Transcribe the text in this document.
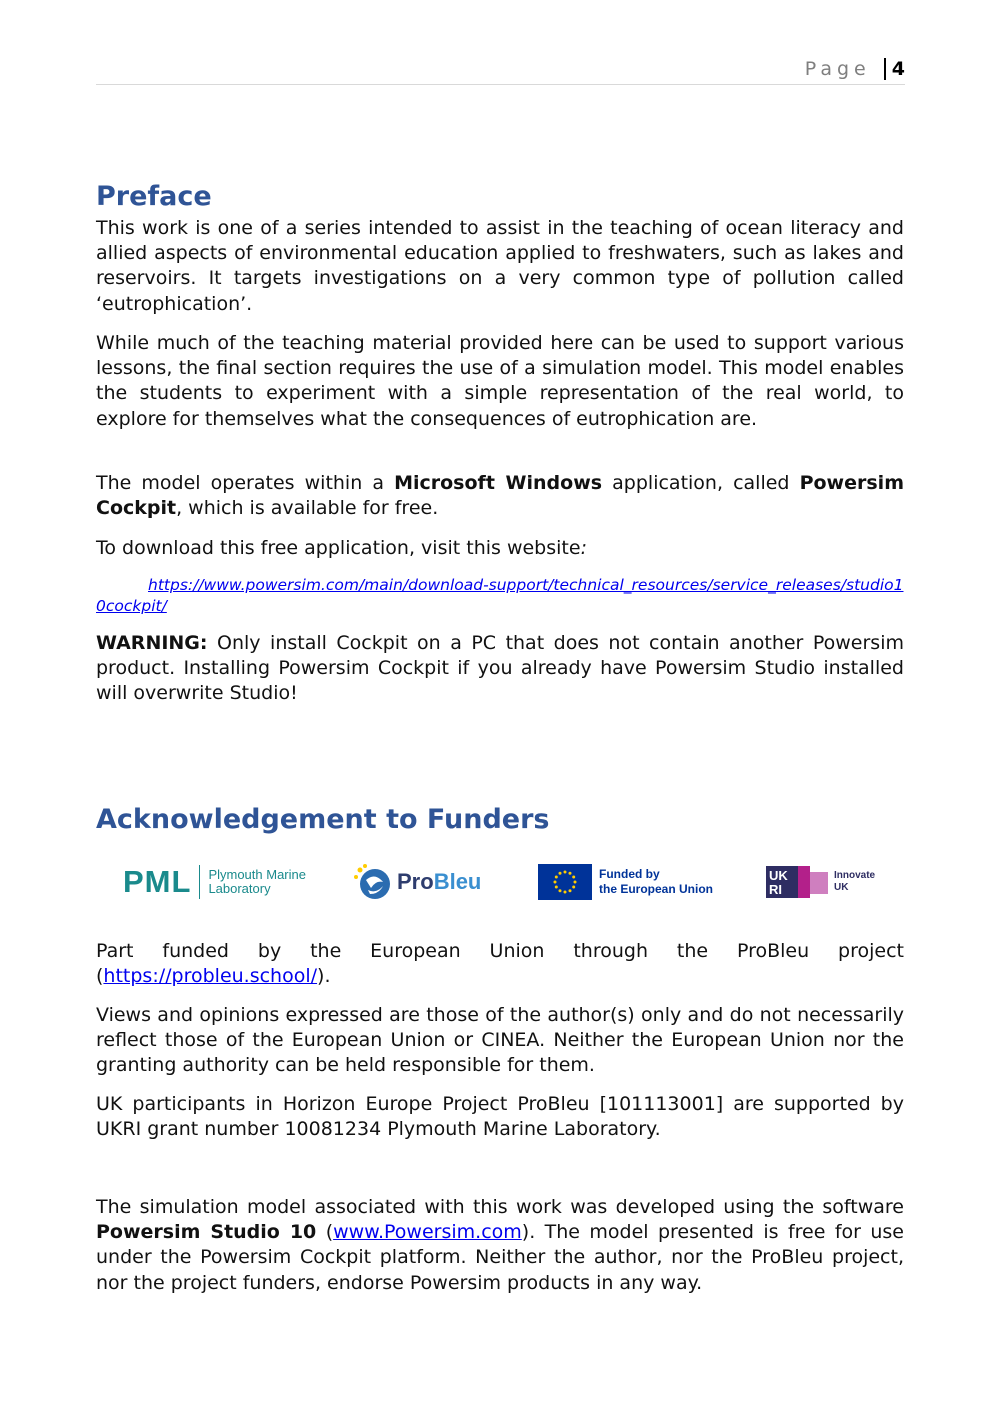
Page 4
Preface

This work is one of a series intended to assist in the teaching of ocean literacy and allied aspects of environmental education applied to freshwaters, such as lakes and reservoirs. It targets investigations on a very common type of pollution called ‘eutrophication’.

While much of the teaching material provided here can be used to support various lessons, the final section requires the use of a simulation model. This model enables the students to experiment with a simple representation of the real world, to explore for themselves what the consequences of eutrophication are.

The model operates within a Microsoft Windows application, called Powersim Cockpit, which is available for free.

To download this free application, visit this website:

https://www.powersim.com/main/download-support/technical_resources/service_releases/studio10cockpit/

WARNING: Only install Cockpit on a PC that does not contain another Powersim product. Installing Powersim Cockpit if you already have Powersim Studio installed will overwrite Studio!

Acknowledgement to Funders
PML Plymouth Marine
Laboratory	ProBleu	Funded by
the European Union
UK
RI
Innovate
UK

Part funded by the European Union through the ProBleu project (https://probleu.school/).

Views and opinions expressed are those of the author(s) only and do not necessarily reflect those of the European Union or CINEA. Neither the European Union nor the granting authority can be held responsible for them.

UK participants in Horizon Europe Project ProBleu [101113001] are supported by UKRI grant number 10081234 Plymouth Marine Laboratory.

The simulation model associated with this work was developed using the software Powersim Studio 10 (www.Powersim.com). The model presented is free for use under the Powersim Cockpit platform. Neither the author, nor the ProBleu project, nor the project funders, endorse Powersim products in any way.
